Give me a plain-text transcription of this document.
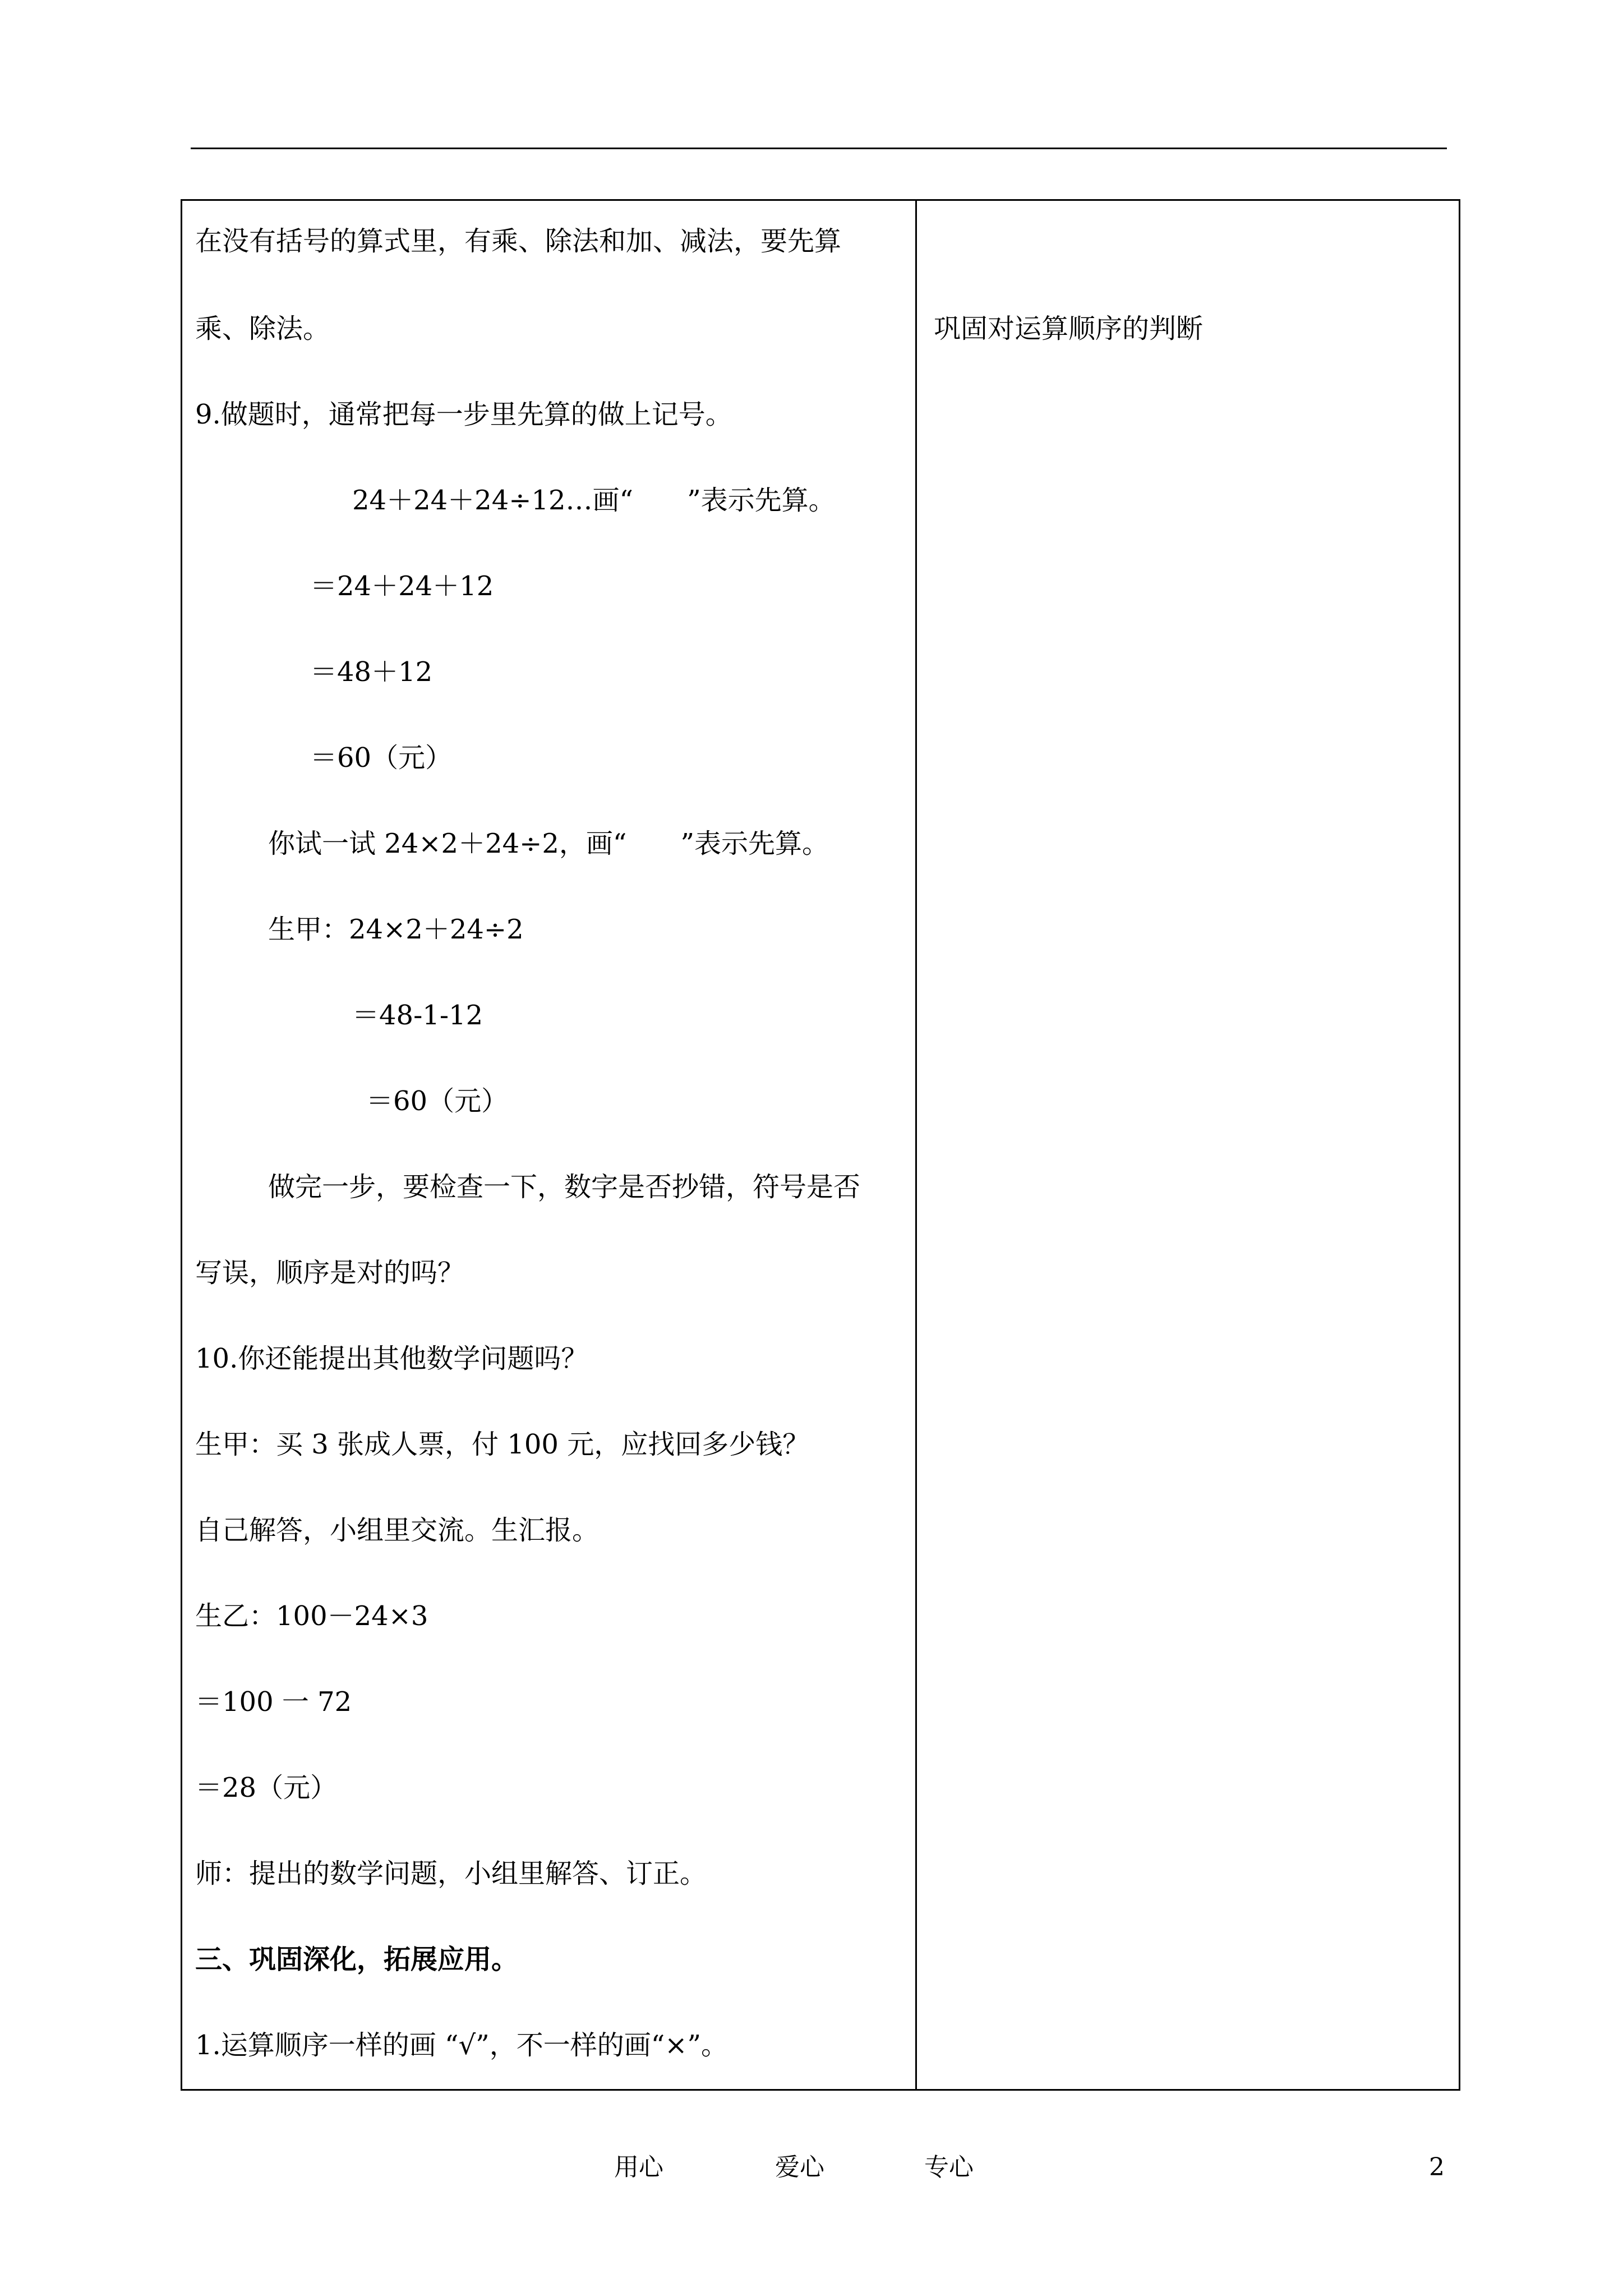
在没有括号的算式里，有乘、除法和加、减法，要先算
乘、除法。
9.做题时，通常把每一步里先算的做上记号。
24＋24＋24÷12…画“　　”表示先算。
＝24＋24＋12
＝48＋12
＝60（元）
你试一试 24×2＋24÷2，画“　　”表示先算。
生甲：24×2＋24÷2
＝48-1-12
＝60（元）
做完一步，要检查一下，数字是否抄错，符号是否
写误，顺序是对的吗？
10.你还能提出其他数学问题吗？
生甲：买 3 张成人票，付 100 元，应找回多少钱？
自己解答，小组里交流。生汇报。
生乙：100－24×3
＝100 一 72
＝28（元）
师：提出的数学问题，小组里解答、订正。
三、巩固深化，拓展应用。
1.运算顺序一样的画 “√”，不一样的画“×”。
巩固对运算顺序的判断
用心	爱心	专心	2
